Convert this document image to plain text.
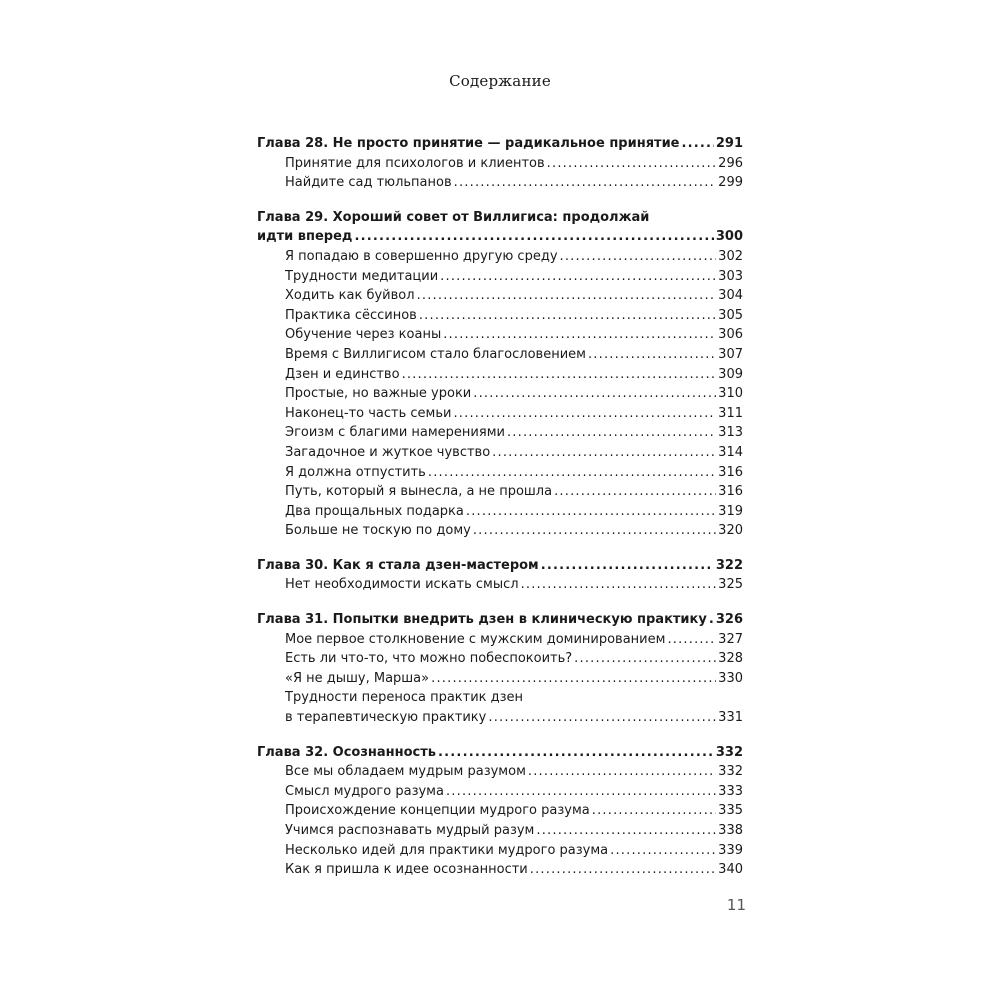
Содержание
Глава 28. Не просто принятие — радикальное принятие .....	291
Принятие для психологов и клиентов .....	296
Найдите сад тюльпанов .....	299
Глава 29. Хороший совет от Виллигиса: продолжай
идти вперед .....	300
Я попадаю в совершенно другую среду .....	302
Трудности медитации .....	303
Ходить как буйвол .....	304
Практика сёссинов .....	305
Обучение через коаны .....	306
Время с Виллигисом стало благословением .....	307
Дзен и единство .....	309
Простые, но важные уроки .....	310
Наконец-то часть семьи .....	311
Эгоизм с благими намерениями .....	313
Загадочное и жуткое чувство .....	314
Я должна отпустить .....	316
Путь, который я вынесла, а не прошла .....	316
Два прощальных подарка .....	319
Больше не тоскую по дому .....	320
Глава 30. Как я стала дзен-мастером .....	322
Нет необходимости искать смысл .....	325
Глава 31. Попытки внедрить дзен в клиническую практику ..... 326
Мое первое столкновение с мужским доминированием .....	327
Есть ли что-то, что можно побеспокоить? .....	328
«Я не дышу, Марша» .....	330
Трудности переноса практик дзен
в терапевтическую практику .....	331
Глава 32. Осознанность .....	332
Все мы обладаем мудрым разумом .....	332
Смысл мудрого разума .....	333
Происхождение концепции мудрого разума .....	335
Учимся распознавать мудрый разум .....	338
Несколько идей для практики мудрого разума .....	339
Как я пришла к идее осознанности .....	340
11
